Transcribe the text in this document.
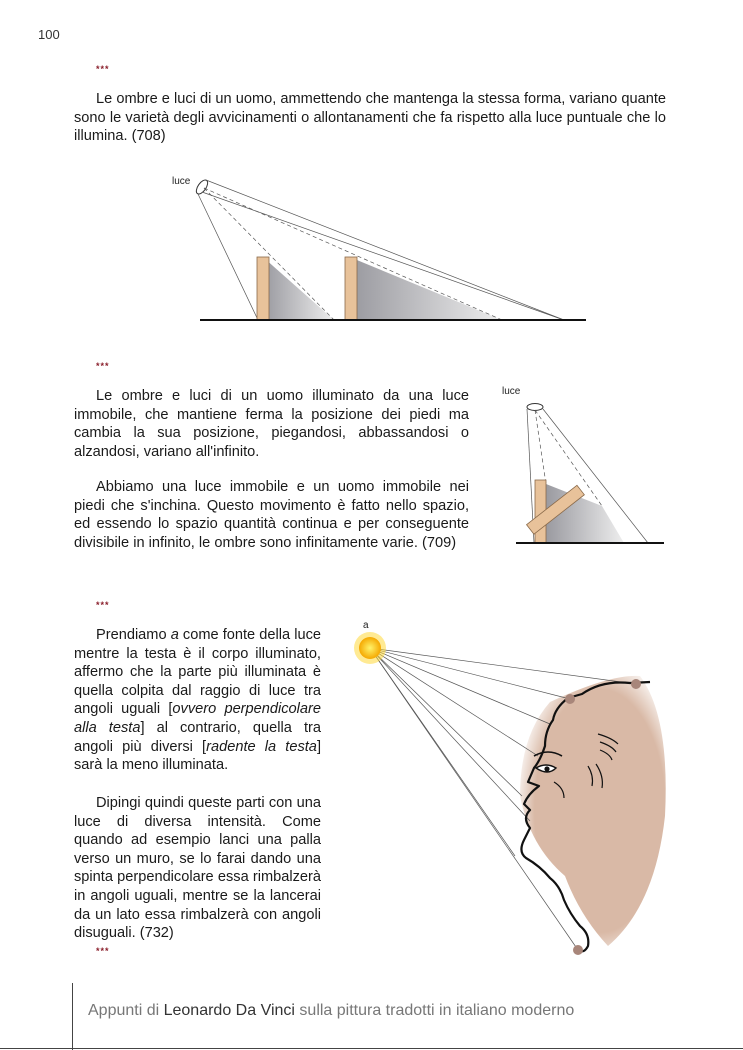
100
***

Le ombre e luci di un uomo, ammettendo che mantenga la stessa forma, variano quante sono le varietà degli avvicinamenti o allontanamenti che fa rispetto alla luce puntuale che lo illumina. (708)

luce
***

Le ombre e luci di un uomo illuminato da una luce immobile, che mantiene ferma la posizione dei piedi ma cambia la sua posizione, piegandosi, abbassandosi o alzandosi, variano all'infinito.

Abbiamo una luce immobile e un uomo immobile nei piedi che s'inchina. Questo movimento è fatto nello spazio, ed essendo lo spazio quantità continua e per conseguente divisibile in infinito, le ombre sono infinitamente varie. (709)

luce
***

Prendiamo a come fonte della luce mentre la testa è il corpo illuminato, affermo che la parte più illuminata è quella colpita dal raggio di luce tra angoli uguali [ovvero perpendicolare alla testa] al contrario, quella tra angoli più diversi [radente la testa] sarà la meno illuminata.

Dipingi quindi queste parti con una luce di diversa intensità. Come quando ad esempio lanci una palla verso un muro, se lo farai dando una spinta perpendicolare essa rimbalzerà in angoli uguali, mentre se la lancerai da un lato essa rimbalzerà con angoli disuguali. (732)

***
a
Appunti di Leonardo Da Vinci sulla pittura tradotti in italiano moderno
